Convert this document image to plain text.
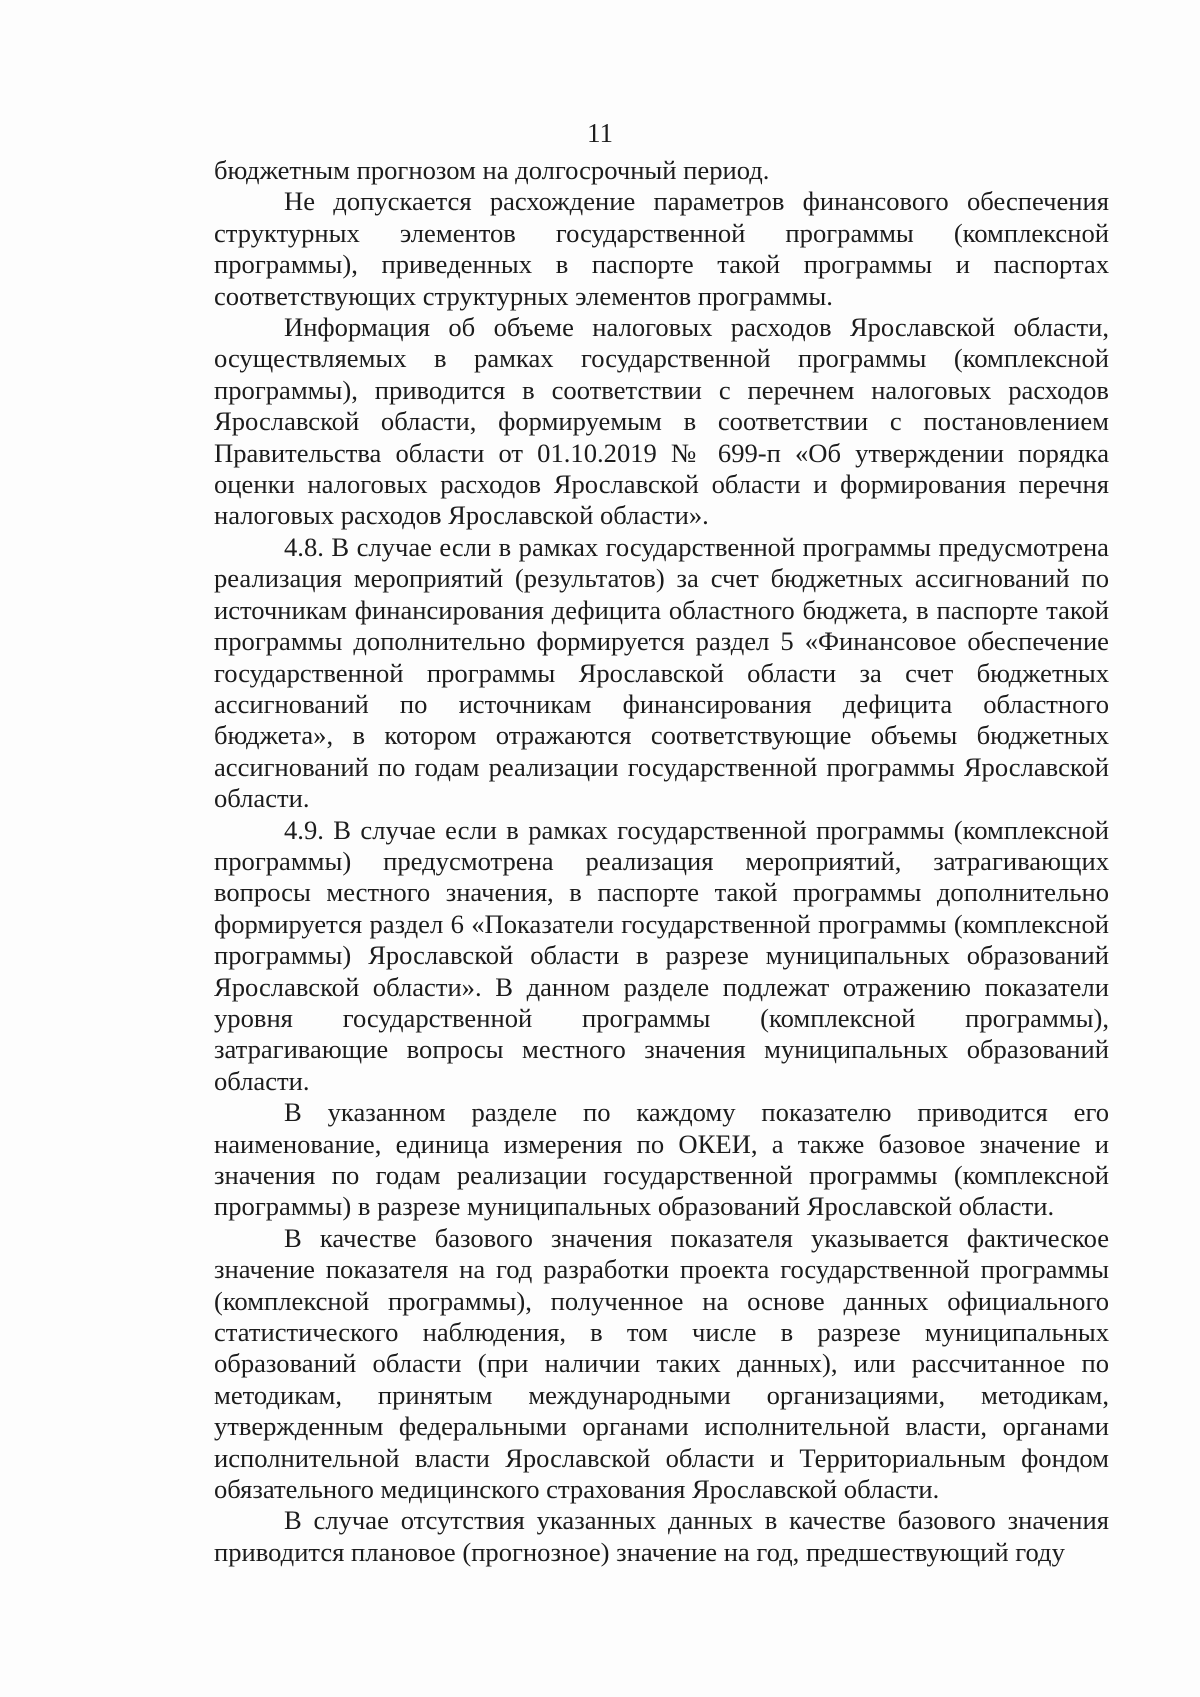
11

бюджетным прогнозом на долгосрочный период.

Не допускается расхождение параметров финансового обеспечения структурных элементов государственной программы (комплексной программы), приведенных в паспорте такой программы и паспортах соответствующих структурных элементов программы.

Информация об объеме налоговых расходов Ярославской области, осуществляемых в рамках государственной программы (комплексной программы), приводится в соответствии с перечнем налоговых расходов Ярославской области, формируемым в соответствии с постановлением Правительства области от 01.10.2019 № 699-п «Об утверждении порядка оценки налоговых расходов Ярославской области и формирования перечня налоговых расходов Ярославской области».

4.8. В случае если в рамках государственной программы предусмотрена реализация мероприятий (результатов) за счет бюджетных ассигнований по источникам финансирования дефицита областного бюджета, в паспорте такой программы дополнительно формируется раздел 5 «Финансовое обеспечение государственной программы Ярославской области за счет бюджетных ассигнований по источникам финансирования дефицита областного бюджета», в котором отражаются соответствующие объемы бюджетных ассигнований по годам реализации государственной программы Ярославской области.

4.9. В случае если в рамках государственной программы (комплексной программы) предусмотрена реализация мероприятий, затрагивающих вопросы местного значения, в паспорте такой программы дополнительно формируется раздел 6 «Показатели государственной программы (комплексной программы) Ярославской области в разрезе муниципальных образований Ярославской области». В данном разделе подлежат отражению показатели уровня государственной программы (комплексной программы), затрагивающие вопросы местного значения муниципальных образований области.

В указанном разделе по каждому показателю приводится его наименование, единица измерения по ОКЕИ, а также базовое значение и значения по годам реализации государственной программы (комплексной программы) в разрезе муниципальных образований Ярославской области.

В качестве базового значения показателя указывается фактическое значение показателя на год разработки проекта государственной программы (комплексной программы), полученное на основе данных официального статистического наблюдения, в том числе в разрезе муниципальных образований области (при наличии таких данных), или рассчитанное по методикам, принятым международными организациями, методикам, утвержденным федеральными органами исполнительной власти, органами исполнительной власти Ярославской области и Территориальным фондом обязательного медицинского страхования Ярославской области.

В случае отсутствия указанных данных в качестве базового значения приводится плановое (прогнозное) значение на год, предшествующий году
